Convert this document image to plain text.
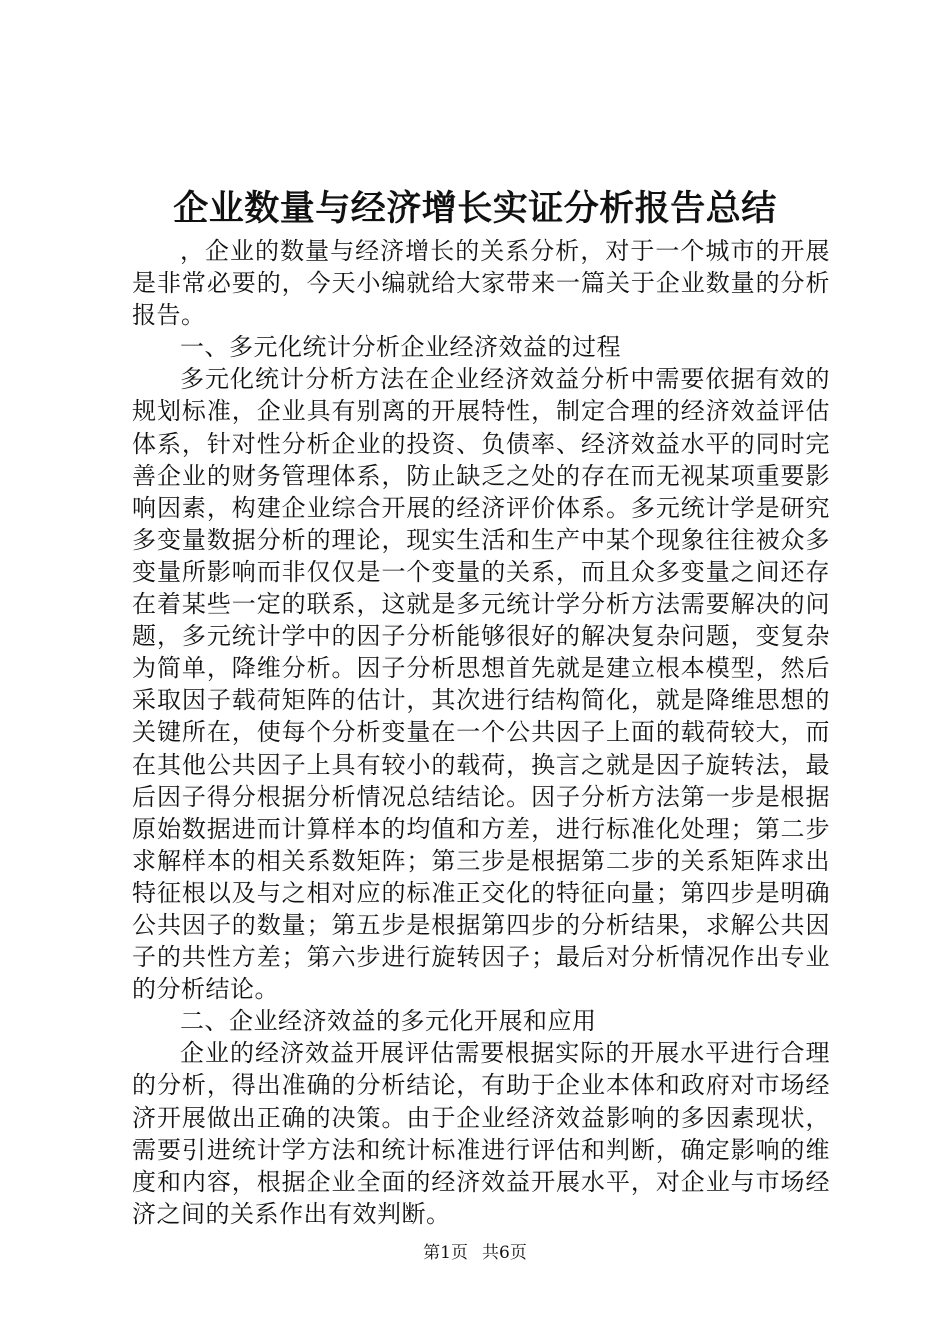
企业数量与经济增长实证分析报告总结

，企业的数量与经济增长的关系分析，对于一个城市的开展是非常必要的，今天小编就给大家带来一篇关于企业数量的分析报告。

一、多元化统计分析企业经济效益的过程

多元化统计分析方法在企业经济效益分析中需要依据有效的规划标准，企业具有别离的开展特性，制定合理的经济效益评估体系，针对性分析企业的投资、负债率、经济效益水平的同时完善企业的财务管理体系，防止缺乏之处的存在而无视某项重要影响因素，构建企业综合开展的经济评价体系。多元统计学是研究多变量数据分析的理论，现实生活和生产中某个现象往往被众多变量所影响而非仅仅是一个变量的关系，而且众多变量之间还存在着某些一定的联系，这就是多元统计学分析方法需要解决的问题，多元统计学中的因子分析能够很好的解决复杂问题，变复杂为简单，降维分析。因子分析思想首先就是建立根本模型，然后采取因子载荷矩阵的估计，其次进行结构简化，就是降维思想的关键所在，使每个分析变量在一个公共因子上面的载荷较大，而在其他公共因子上具有较小的载荷，换言之就是因子旋转法，最后因子得分根据分析情况总结结论。因子分析方法第一步是根据原始数据进而计算样本的均值和方差，进行标准化处理；第二步求解样本的相关系数矩阵；第三步是根据第二步的关系矩阵求出特征根以及与之相对应的标准正交化的特征向量；第四步是明确公共因子的数量；第五步是根据第四步的分析结果，求解公共因子的共性方差；第六步进行旋转因子；最后对分析情况作出专业的分析结论。

二、企业经济效益的多元化开展和应用

企业的经济效益开展评估需要根据实际的开展水平进行合理的分析，得出准确的分析结论，有助于企业本体和政府对市场经济开展做出正确的决策。由于企业经济效益影响的多因素现状，需要引进统计学方法和统计标准进行评估和判断，确定影响的维度和内容，根据企业全面的经济效益开展水平，对企业与市场经济之间的关系作出有效判断。

第1页 共6页
